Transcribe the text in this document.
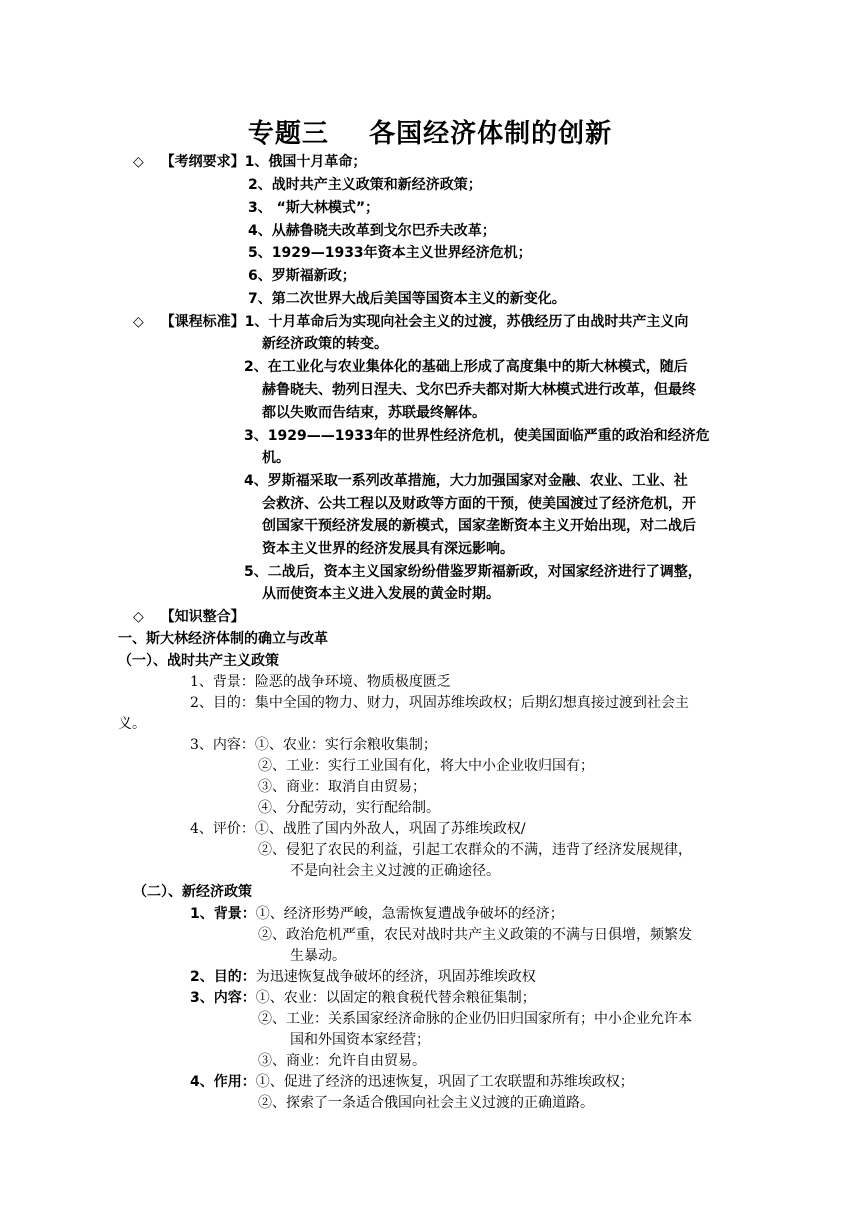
专题三    各国经济体制的创新
◇ 【考纲要求】1、俄国十月革命；
2、战时共产主义政策和新经济政策；
3、 “斯大林模式”；
4、从赫鲁晓夫改革到戈尔巴乔夫改革；
5、1929—1933年资本主义世界经济危机；
6、罗斯福新政；
7、第二次世界大战后美国等国资本主义的新变化。
◇ 【课程标准】1、十月革命后为实现向社会主义的过渡，苏俄经历了由战时共产主义向
新经济政策的转变。
2、在工业化与农业集体化的基础上形成了高度集中的斯大林模式，随后
赫鲁晓夫、勃列日涅夫、戈尔巴乔夫都对斯大林模式进行改革，但最终
都以失败而告结束，苏联最终解体。
3、1929——1933年的世界性经济危机，使美国面临严重的政治和经济危
机。
4、罗斯福采取一系列改革措施，大力加强国家对金融、农业、工业、社
会救济、公共工程以及财政等方面的干预，使美国渡过了经济危机，开
创国家干预经济发展的新模式，国家垄断资本主义开始出现，对二战后
资本主义世界的经济发展具有深远影响。
5、二战后，资本主义国家纷纷借鉴罗斯福新政，对国家经济进行了调整，
从而使资本主义进入发展的黄金时期。
◇ 【知识整合】
一、斯大林经济体制的确立与改革
（一）、战时共产主义政策
1、背景：险恶的战争环境、物质极度匮乏
2、目的：集中全国的物力、财力，巩固苏维埃政权；后期幻想真接过渡到社会主
义。
3、内容：①、农业：实行余粮收集制；
②、工业：实行工业国有化，将大中小企业收归国有；
③、商业：取消自由贸易；
④、分配劳动，实行配给制。
4、评价：①、战胜了国内外敌人，巩固了苏维埃政权/
②、侵犯了农民的利益，引起工农群众的不满，违背了经济发展规律，
不是向社会主义过渡的正确途径。
（二）、新经济政策
1、背景：①、经济形势严峻，急需恢复遭战争破坏的经济；
②、政治危机严重，农民对战时共产主义政策的不满与日俱增，频繁发
生暴动。
2、目的：为迅速恢复战争破坏的经济，巩固苏维埃政权
3、内容：①、农业：以固定的粮食税代替余粮征集制；
②、工业：关系国家经济命脉的企业仍旧归国家所有；中小企业允许本
国和外国资本家经营；
③、商业：允许自由贸易。
4、作用：①、促进了经济的迅速恢复，巩固了工农联盟和苏维埃政权；
②、探索了一条适合俄国向社会主义过渡的正确道路。
